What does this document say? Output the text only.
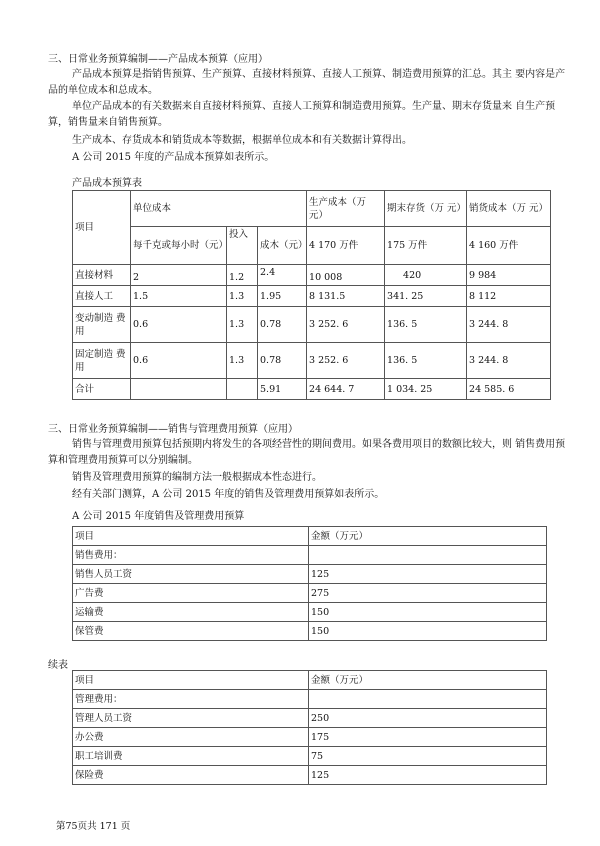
三、日常业务预算编制——产品成本预算（应用）
产品成本预算是指销售预算、生产预算、直接材料预算、直接人工预算、制造费用预算的汇总。其主 要内容是产品的单位成本和总成本。
单位产品成本的有关数据来自直接材料预算、直接人工预算和制造费用预算。生产量、期末存货量来 自生产预算，销售量来自销售预算。
生产成本、存货成本和销货成本等数据，根据单位成本和有关数据计算得出。
A 公司 2015 年度的产品成本预算如表所示。
产品成本预算表
项目	单位成本			生产成本（万 元）	期末存货（万 元）	销货成本（万 元）
	每千克或每小时（元）	投入	成木（元）	4 170 万件	175 万件	4 160 万件
直接材料	2	1.2	2.4	10 008	420	9 984
直接人工	1.5	1.3	1.95	8 131.5	341. 25	8 112
变动制造 费用	0.6	1.3	0.78	3 252. 6	136. 5	3 244. 8
固定制造 费用	0.6	1.3	0.78	3 252. 6	136. 5	3 244. 8
合计			5.91	24 644. 7	1 034. 25	24 585. 6
三、日常业务预算编制——销售与管理费用预算（应用）
销售与管理费用预算包括预期内将发生的各项经营性的期间费用。如果各费用项目的数额比较大，则 销售费用预算和管理费用预算可以分别编制。
销售及管理费用预算的编制方法一般根据成本性态进行。
经有关部门测算，A 公司 2015 年度的销售及管理费用预算如表所示。
A 公司 2015 年度销售及管理费用预算
项目	金额（万元）
销售费用：	
销售人员工资	125
广告费	275
运输费	150
保管费	150
续表
项目	金额（万元）
管理费用：	
管理人员工资	250
办公费	175
职工培训费	75
保险费	125
第75页共 171 页
